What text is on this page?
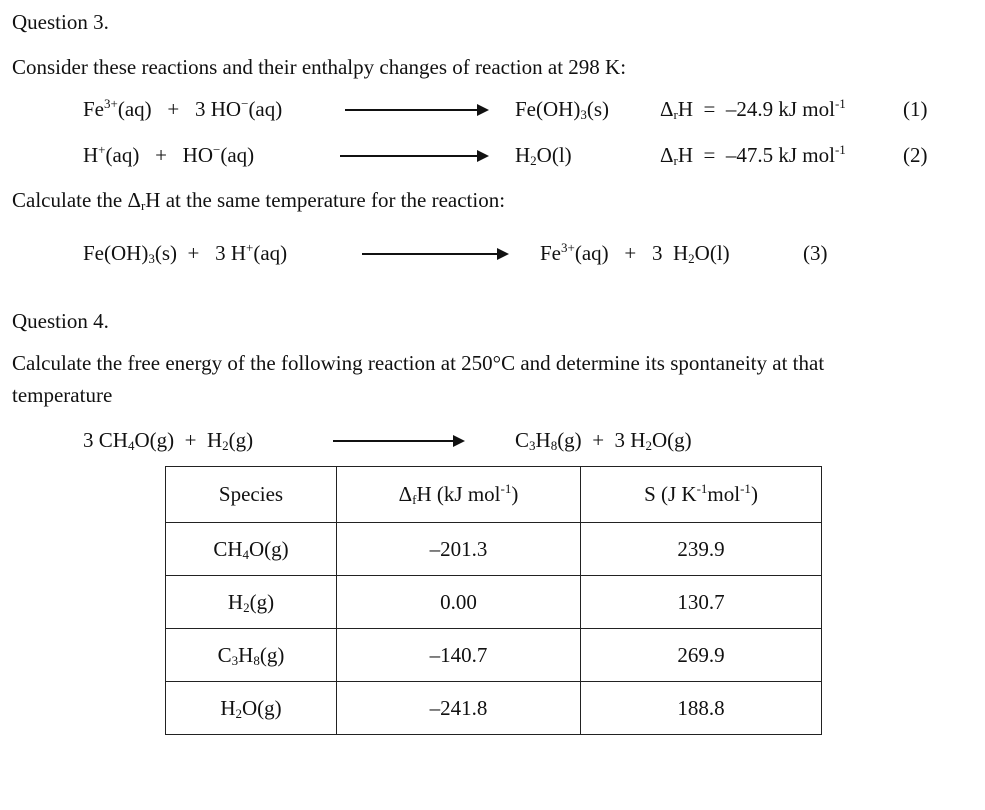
Question 3.
Consider these reactions and their enthalpy changes of reaction at 298 K:
$Fe^{3+}(aq) + 3$ HO−(aq)	$Fe(OH)_3(s) \Delta_rH = -24.9$ kJ mol$^{-1}$	(1)
H+(aq) + HO−(aq)	$H_2O(l)$	$\Delta_rH = -47.5$ kJ mol$^{-1}$	(2)
Calculate the $\Delta_rH$ at the same temperature for the reaction:
$Fe(OH)_3(s) + 3$ H+(aq)	$Fe^{3+}(aq) + 3$ $H_2O(l)$	(3)
Question 4.
Calculate the free energy of the following reaction at 250°C and determine its spontaneity at that
temperature
3 $CH_4O(g) + H_2(g)$	$C_3H_8(g) + 3$ $H_2O(g)$
Species	$\Delta_fH$ (kJ mol$^{-1}$)	S (J $K^{-1}mol^{-1}$)
$CH_4O(g)$	–201.3	239.9
$H_2(g)$	0.00	130.7
$C_3H_8(g)$	–140.7	269.9
$H_2O(g)$	–241.8	188.8
